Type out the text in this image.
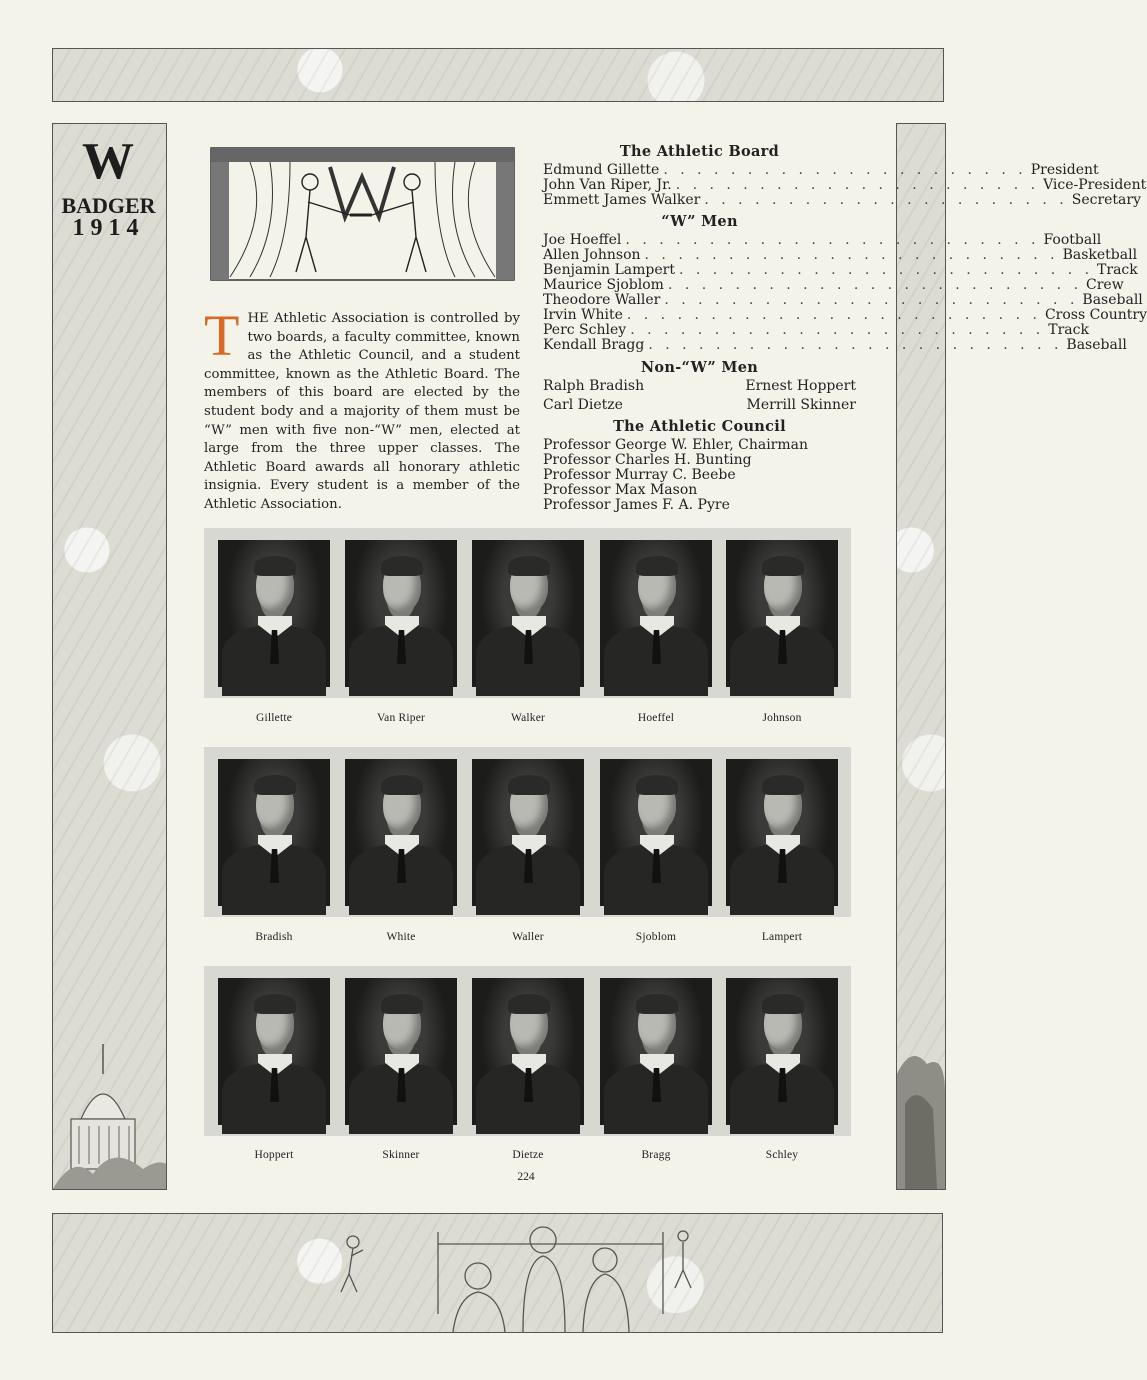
W
BADGER
1914
THE Athletic Association is controlled by two boards, a faculty committee, known as the Athletic Council, and a student committee, known as the Athletic Board. The members of this board are elected by the student body and a majority of them must be “W” men with five non-“W” men, elected at large from the three upper classes. The Athletic Board awards all honorary athletic insignia. Every student is a member of the Athletic Association.
The Athletic Board
Edmund Gillette . . . . . . . . . . . . . . . . . . . . . . President
John Van Riper, Jr. . . . . . . . . . . . . . . . . . . . . . . Vice-President
Emmett James Walker . . . . . . . . . . . . . . . . . . . . . . Secretary
“W” Men
Joe Hoeffel . . . . . . . . . . . . . . . . . . . . . . . . . Football
Allen Johnson . . . . . . . . . . . . . . . . . . . . . . . . . Basketball
Benjamin Lampert . . . . . . . . . . . . . . . . . . . . . . . . . Track
Maurice Sjoblom . . . . . . . . . . . . . . . . . . . . . . . . . Crew
Theodore Waller . . . . . . . . . . . . . . . . . . . . . . . . . Baseball
Irvin White . . . . . . . . . . . . . . . . . . . . . . . . . Cross Country
Perc Schley . . . . . . . . . . . . . . . . . . . . . . . . . Track
Kendall Bragg . . . . . . . . . . . . . . . . . . . . . . . . . Baseball
Non-“W” Men
Ralph Bradish	Ernest Hoppert
Carl Dietze	Merrill Skinner
The Athletic Council
Professor George W. Ehler, Chairman
Professor Charles H. Bunting
Professor Murray C. Beebe
Professor Max Mason
Professor James F. A. Pyre
Gillette	Van Riper	Walker	Hoeffel	Johnson
Bradish	White	Waller	Sjoblom	Lampert
Hoppert	Skinner	Dietze	Bragg	Schley
224
